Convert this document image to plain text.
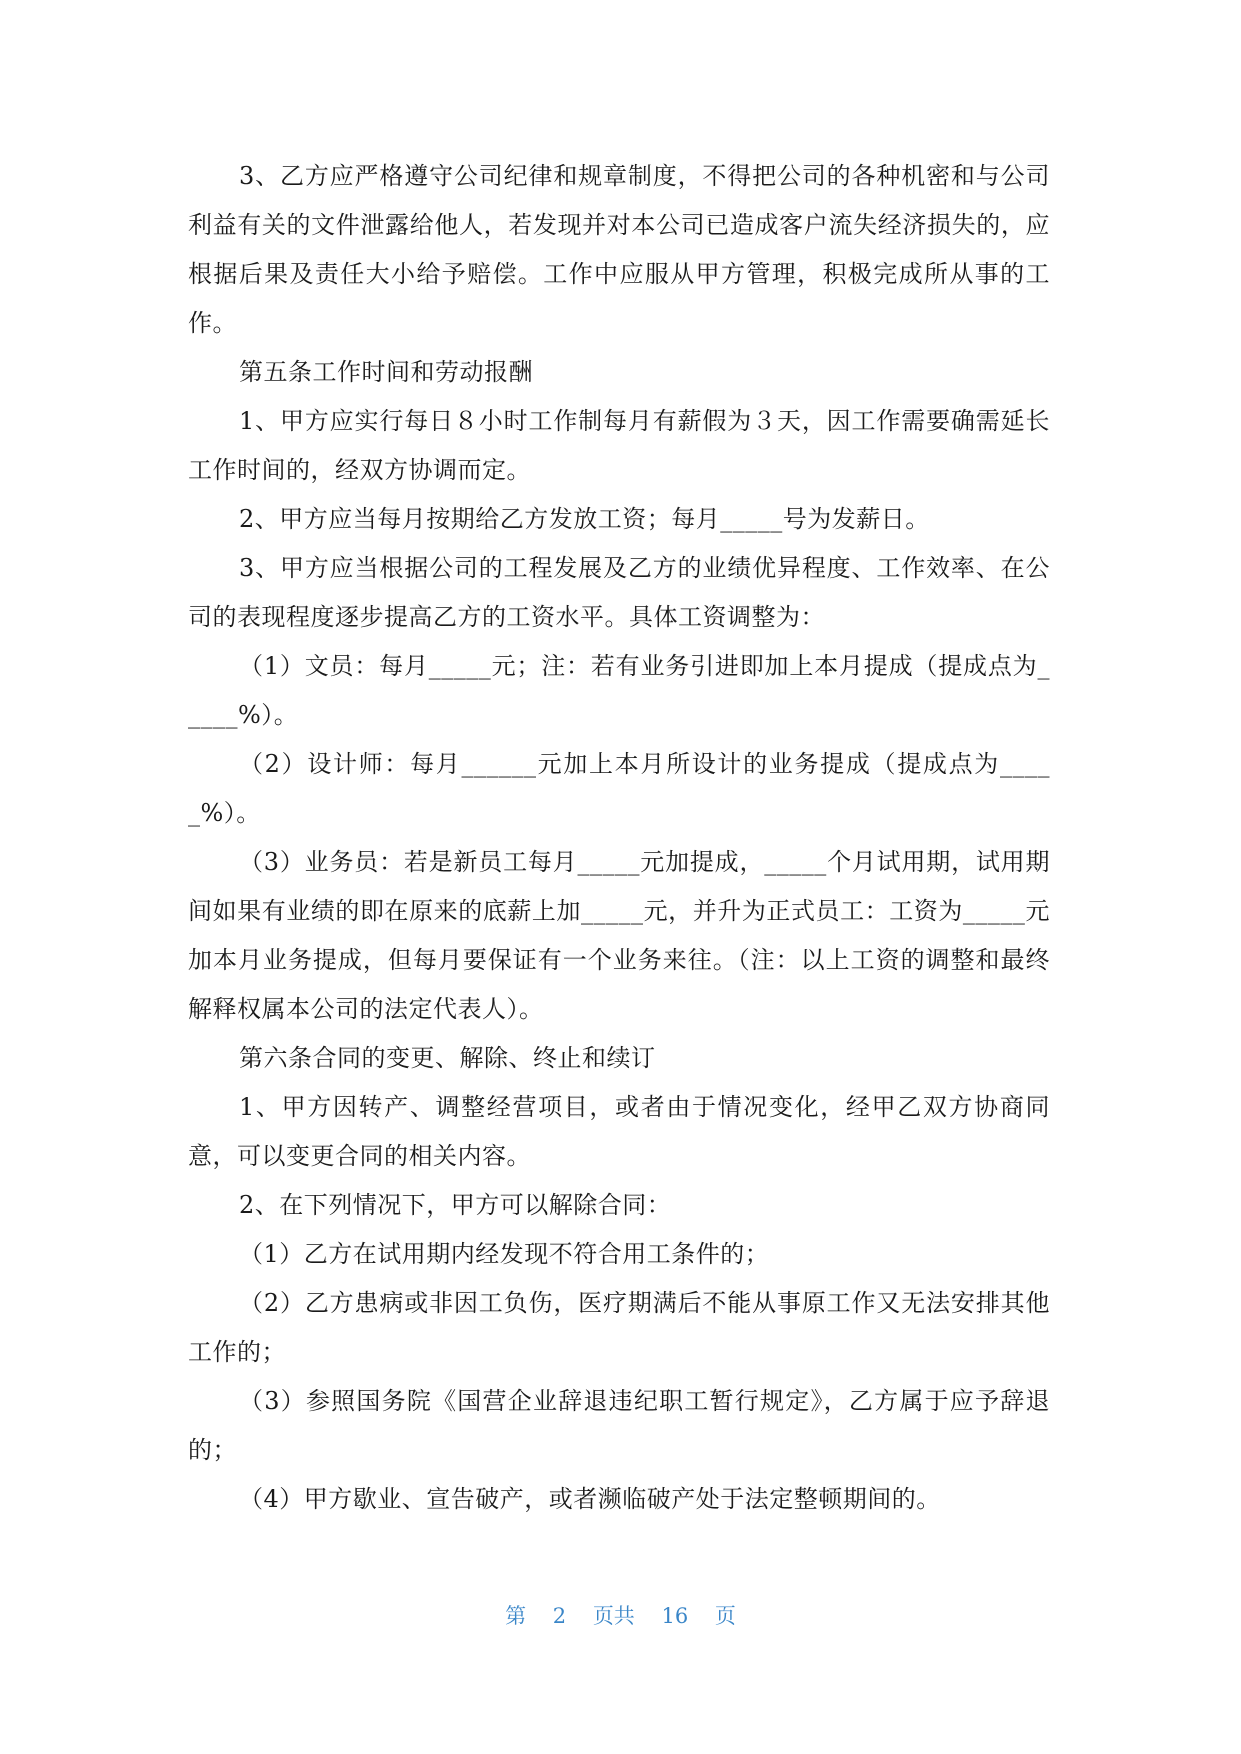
3、乙方应严格遵守公司纪律和规章制度，不得把公司的各种机密和与公司利益有关的文件泄露给他人，若发现并对本公司已造成客户流失经济损失的，应根据后果及责任大小给予赔偿。工作中应服从甲方管理，积极完成所从事的工作。

第五条工作时间和劳动报酬

1、甲方应实行每日８小时工作制每月有薪假为３天，因工作需要确需延长工作时间的，经双方协调而定。

2、甲方应当每月按期给乙方发放工资；每月_____号为发薪日。

3、甲方应当根据公司的工程发展及乙方的业绩优异程度、工作效率、在公司的表现程度逐步提高乙方的工资水平。具体工资调整为：

（1）文员：每月_____元；注：若有业务引进即加上本月提成（提成点为_____%）。

（2）设计师：每月______元加上本月所设计的业务提成（提成点为_____%）。

（3）业务员：若是新员工每月_____元加提成，_____个月试用期，试用期间如果有业绩的即在原来的底薪上加_____元，并升为正式员工：工资为_____元加本月业务提成，但每月要保证有一个业务来往。（注：以上工资的调整和最终解释权属本公司的法定代表人）。

第六条合同的变更、解除、终止和续订

1、甲方因转产、调整经营项目，或者由于情况变化，经甲乙双方协商同意，可以变更合同的相关内容。

2、在下列情况下，甲方可以解除合同：

（1）乙方在试用期内经发现不符合用工条件的；

（2）乙方患病或非因工负伤，医疗期满后不能从事原工作又无法安排其他工作的；

（3）参照国务院《国营企业辞退违纪职工暂行规定》，乙方属于应予辞退的；

（4）甲方歇业、宣告破产，或者濒临破产处于法定整顿期间的。

第 2 页共 16 页
